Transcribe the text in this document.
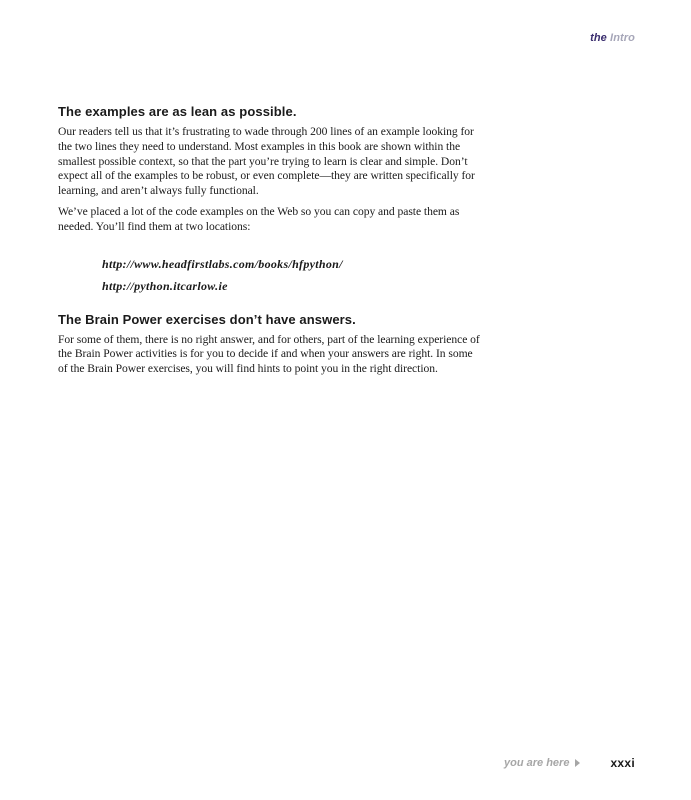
the Intro
The examples are as lean as possible.

Our readers tell us that it’s frustrating to wade through 200 lines of an example looking for the two lines they need to understand. Most examples in this book are shown within the smallest possible context, so that the part you’re trying to learn is clear and simple. Don’t expect all of the examples to be robust, or even complete—they are written specifically for learning, and aren’t always fully functional.

We’ve placed a lot of the code examples on the Web so you can copy and paste them as needed. You’ll find them at two locations:

http://www.headfirstlabs.com/books/hfpython/
http://python.itcarlow.ie
The Brain Power exercises don’t have answers.

For some of them, there is no right answer, and for others, part of the learning experience of the Brain Power activities is for you to decide if and when your answers are right. In some of the Brain Power exercises, you will find hints to point you in the right direction.

you are here	xxxi
